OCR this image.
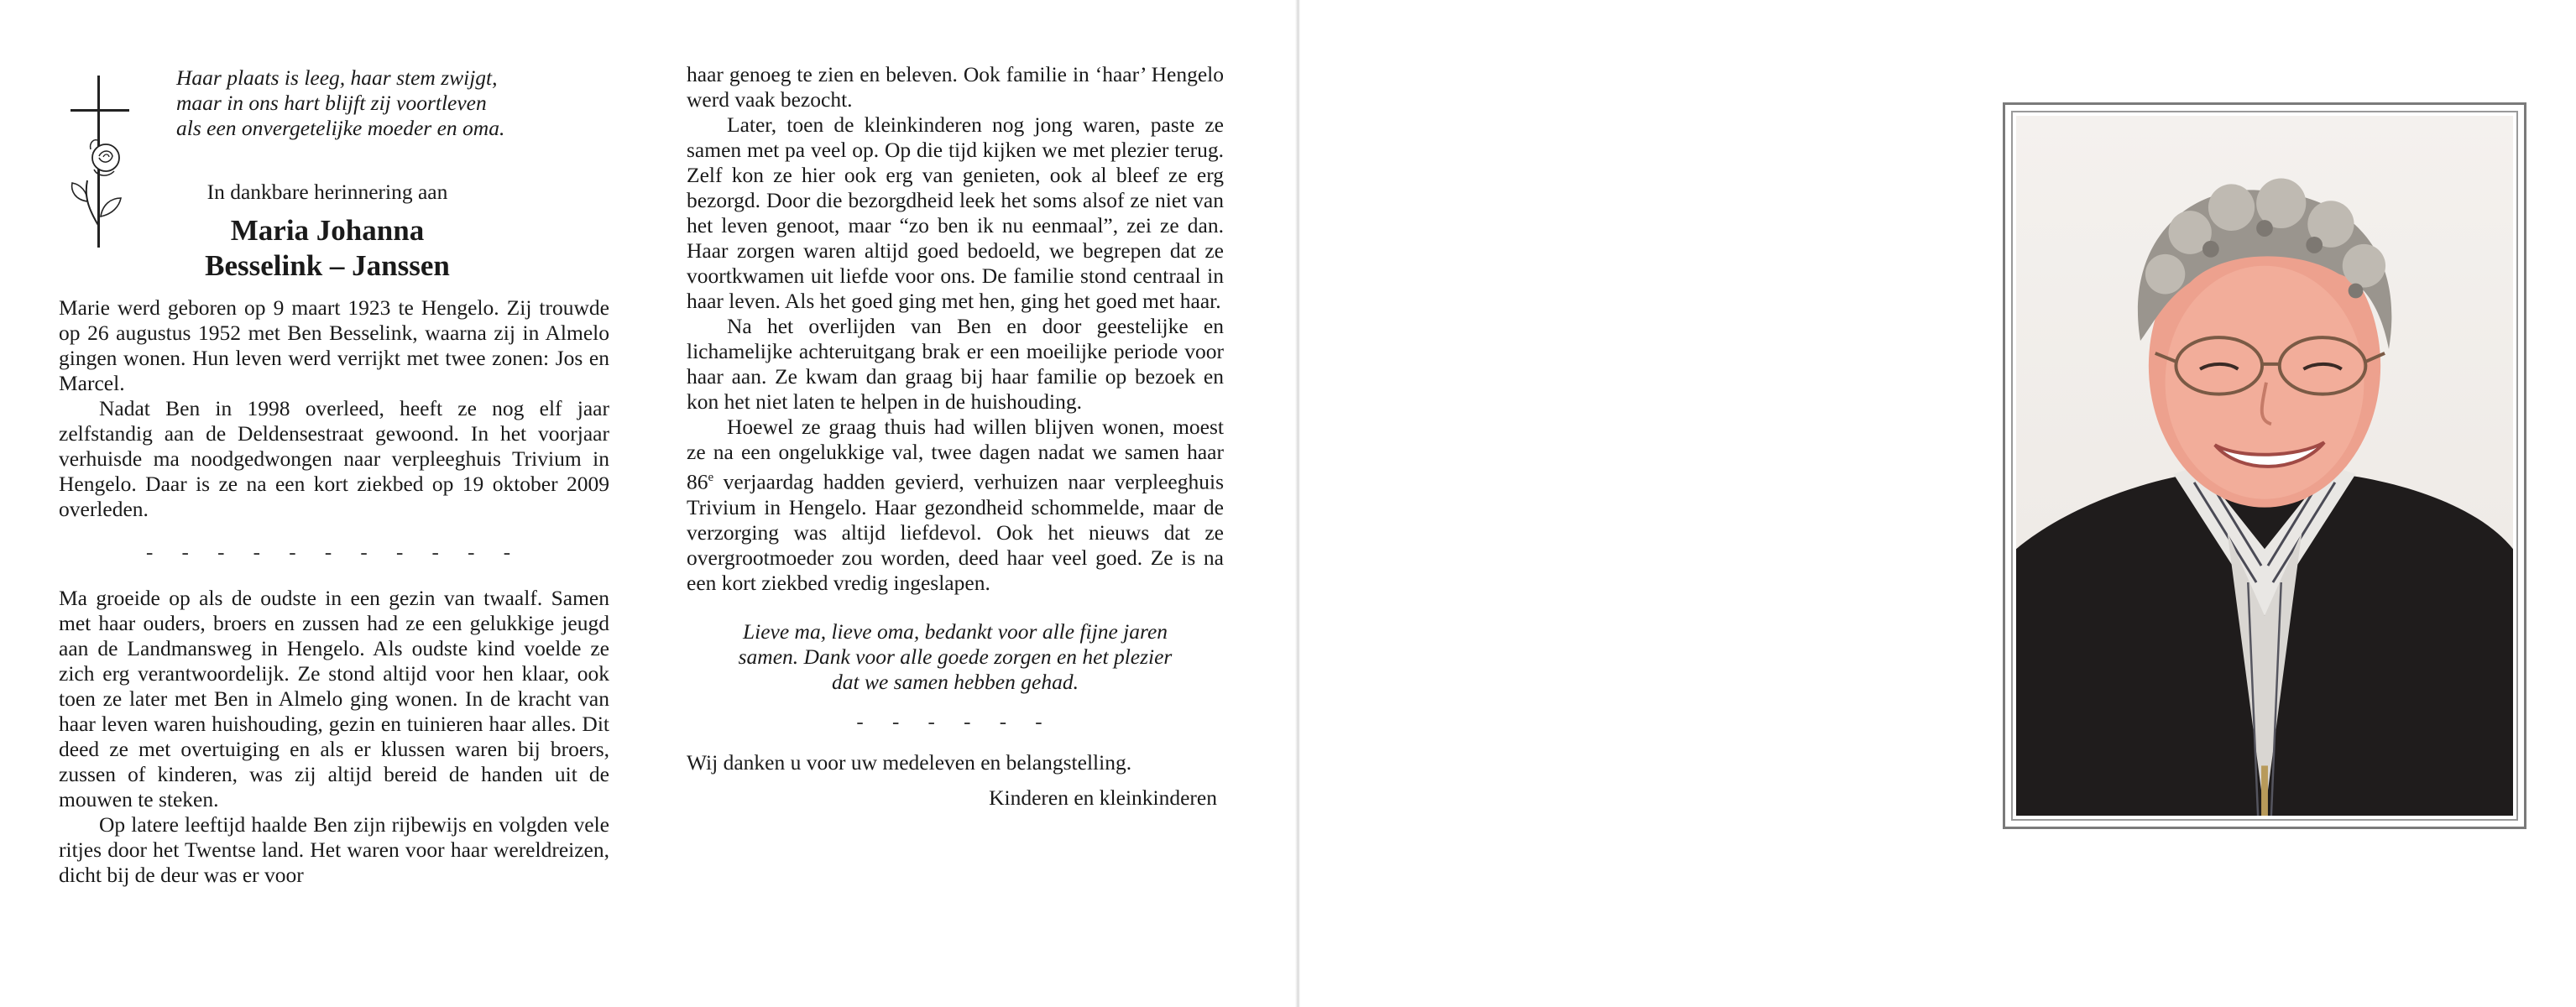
Haar plaats is leeg, haar stem zwijgt,
maar in ons hart blijft zij voortleven
als een onvergetelijke moeder en oma.
In dankbare herinnering aan
Maria Johanna
Besselink – Janssen

Marie werd geboren op 9 maart 1923 te Hengelo. Zij trouwde op 26 augustus 1952 met Ben Besselink, waarna zij in Almelo gingen wonen. Hun leven werd verrijkt met twee zonen: Jos en Marcel.

Nadat Ben in 1998 overleed, heeft ze nog elf jaar zelfstandig aan de Deldensestraat gewoond. In het voorjaar verhuisde ma noodgedwongen naar verpleeghuis Trivium in Hengelo. Daar is ze na een kort ziekbed op 19 oktober 2009 overleden.

- - - - - - - - - - -

Ma groeide op als de oudste in een gezin van twaalf. Samen met haar ouders, broers en zussen had ze een gelukkige jeugd aan de Landmansweg in Hengelo. Als oudste kind voelde ze zich erg verantwoordelijk. Ze stond altijd voor hen klaar, ook toen ze later met Ben in Almelo ging wonen. In de kracht van haar leven waren huishouding, gezin en tuinieren haar alles. Dit deed ze met overtuiging en als er klussen waren bij broers, zussen of kinderen, was zij altijd bereid de handen uit de mouwen te steken.

Op latere leeftijd haalde Ben zijn rijbewijs en volgden vele ritjes door het Twentse land. Het waren voor haar wereldreizen, dicht bij de deur was er voor

haar genoeg te zien en beleven. Ook familie in ‘haar’ Hengelo werd vaak bezocht.

Later, toen de kleinkinderen nog jong waren, paste ze samen met pa veel op. Op die tijd kijken we met plezier terug. Zelf kon ze hier ook erg van genieten, ook al bleef ze erg bezorgd. Door die bezorgdheid leek het soms alsof ze niet van het leven genoot, maar “zo ben ik nu eenmaal”, zei ze dan. Haar zorgen waren altijd goed bedoeld, we begrepen dat ze voortkwamen uit liefde voor ons. De familie stond centraal in haar leven. Als het goed ging met hen, ging het goed met haar.

Na het overlijden van Ben en door geestelijke en lichamelijke achteruitgang brak er een moeilijke periode voor haar aan. Ze kwam dan graag bij haar familie op bezoek en kon het niet laten te helpen in de huishouding.

Hoewel ze graag thuis had willen blijven wonen, moest ze na een ongelukkige val, twee dagen nadat we samen haar 86e verjaardag hadden gevierd, verhuizen naar verpleeghuis Trivium in Hengelo. Haar gezondheid schommelde, maar de verzorging was altijd liefdevol. Ook het nieuws dat ze overgrootmoeder zou worden, deed haar veel goed. Ze is na een kort ziekbed vredig ingeslapen.

Lieve ma, lieve oma, bedankt voor alle fijne jaren
samen. Dank voor alle goede zorgen en het plezier
dat we samen hebben gehad.
- - - - - -

Wij danken u voor uw medeleven en belangstelling.

Kinderen en kleinkinderen
